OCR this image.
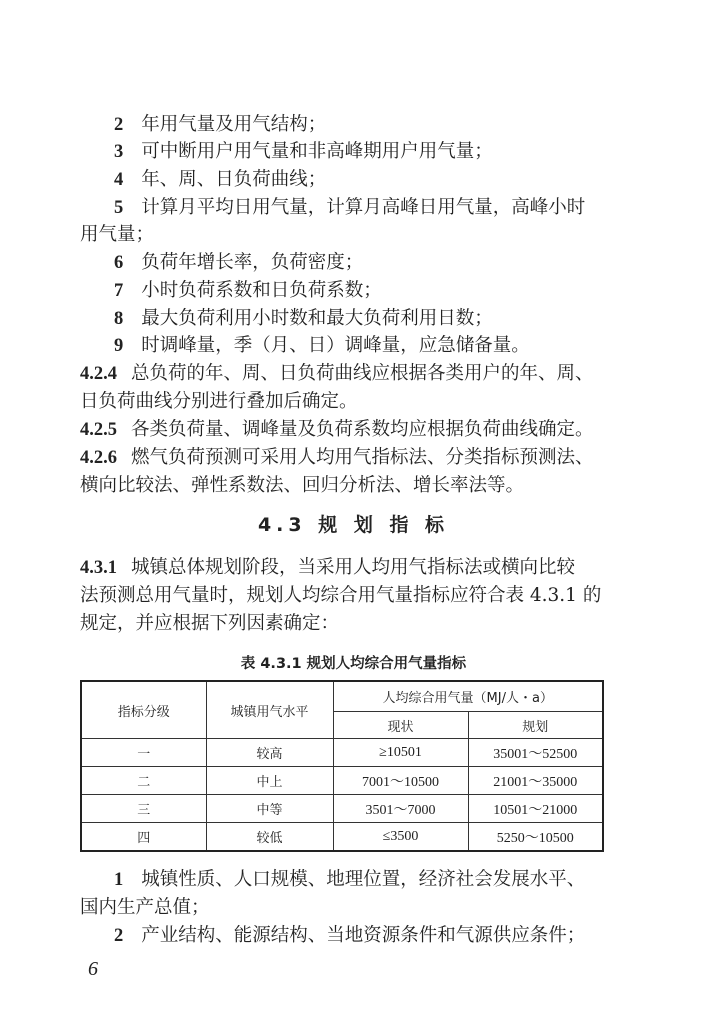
2 年用气量及用气结构；
3 可中断用户用气量和非高峰期用户用气量；
4 年、周、日负荷曲线；
5 计算月平均日用气量，计算月高峰日用气量，高峰小时
用气量；
6 负荷年增长率，负荷密度；
7 小时负荷系数和日负荷系数；
8 最大负荷利用小时数和最大负荷利用日数；
9 时调峰量，季（月、日）调峰量，应急储备量。
4.2.4 总负荷的年、周、日负荷曲线应根据各类用户的年、周、
日负荷曲线分别进行叠加后确定。
4.2.5 各类负荷量、调峰量及负荷系数均应根据负荷曲线确定。
4.2.6 燃气负荷预测可采用人均用气指标法、分类指标预测法、
横向比较法、弹性系数法、回归分析法、增长率法等。
4.3 规 划 指 标
4.3.1 城镇总体规划阶段，当采用人均用气指标法或横向比较
法预测总用气量时，规划人均综合用气量指标应符合表 4.3.1 的
规定，并应根据下列因素确定：
表 4.3.1 规划人均综合用气量指标
指标分级	城镇用气水平	人均综合用气量（MJ/人・a）	
		现状	规划
一	较高	≥10501	35001～52500
二	中上	7001～10500	21001～35000
三	中等	3501～7000	10501～21000
四	较低	≤3500	5250～10500
1 城镇性质、人口规模、地理位置，经济社会发展水平、
国内生产总值；
2 产业结构、能源结构、当地资源条件和气源供应条件；
6
